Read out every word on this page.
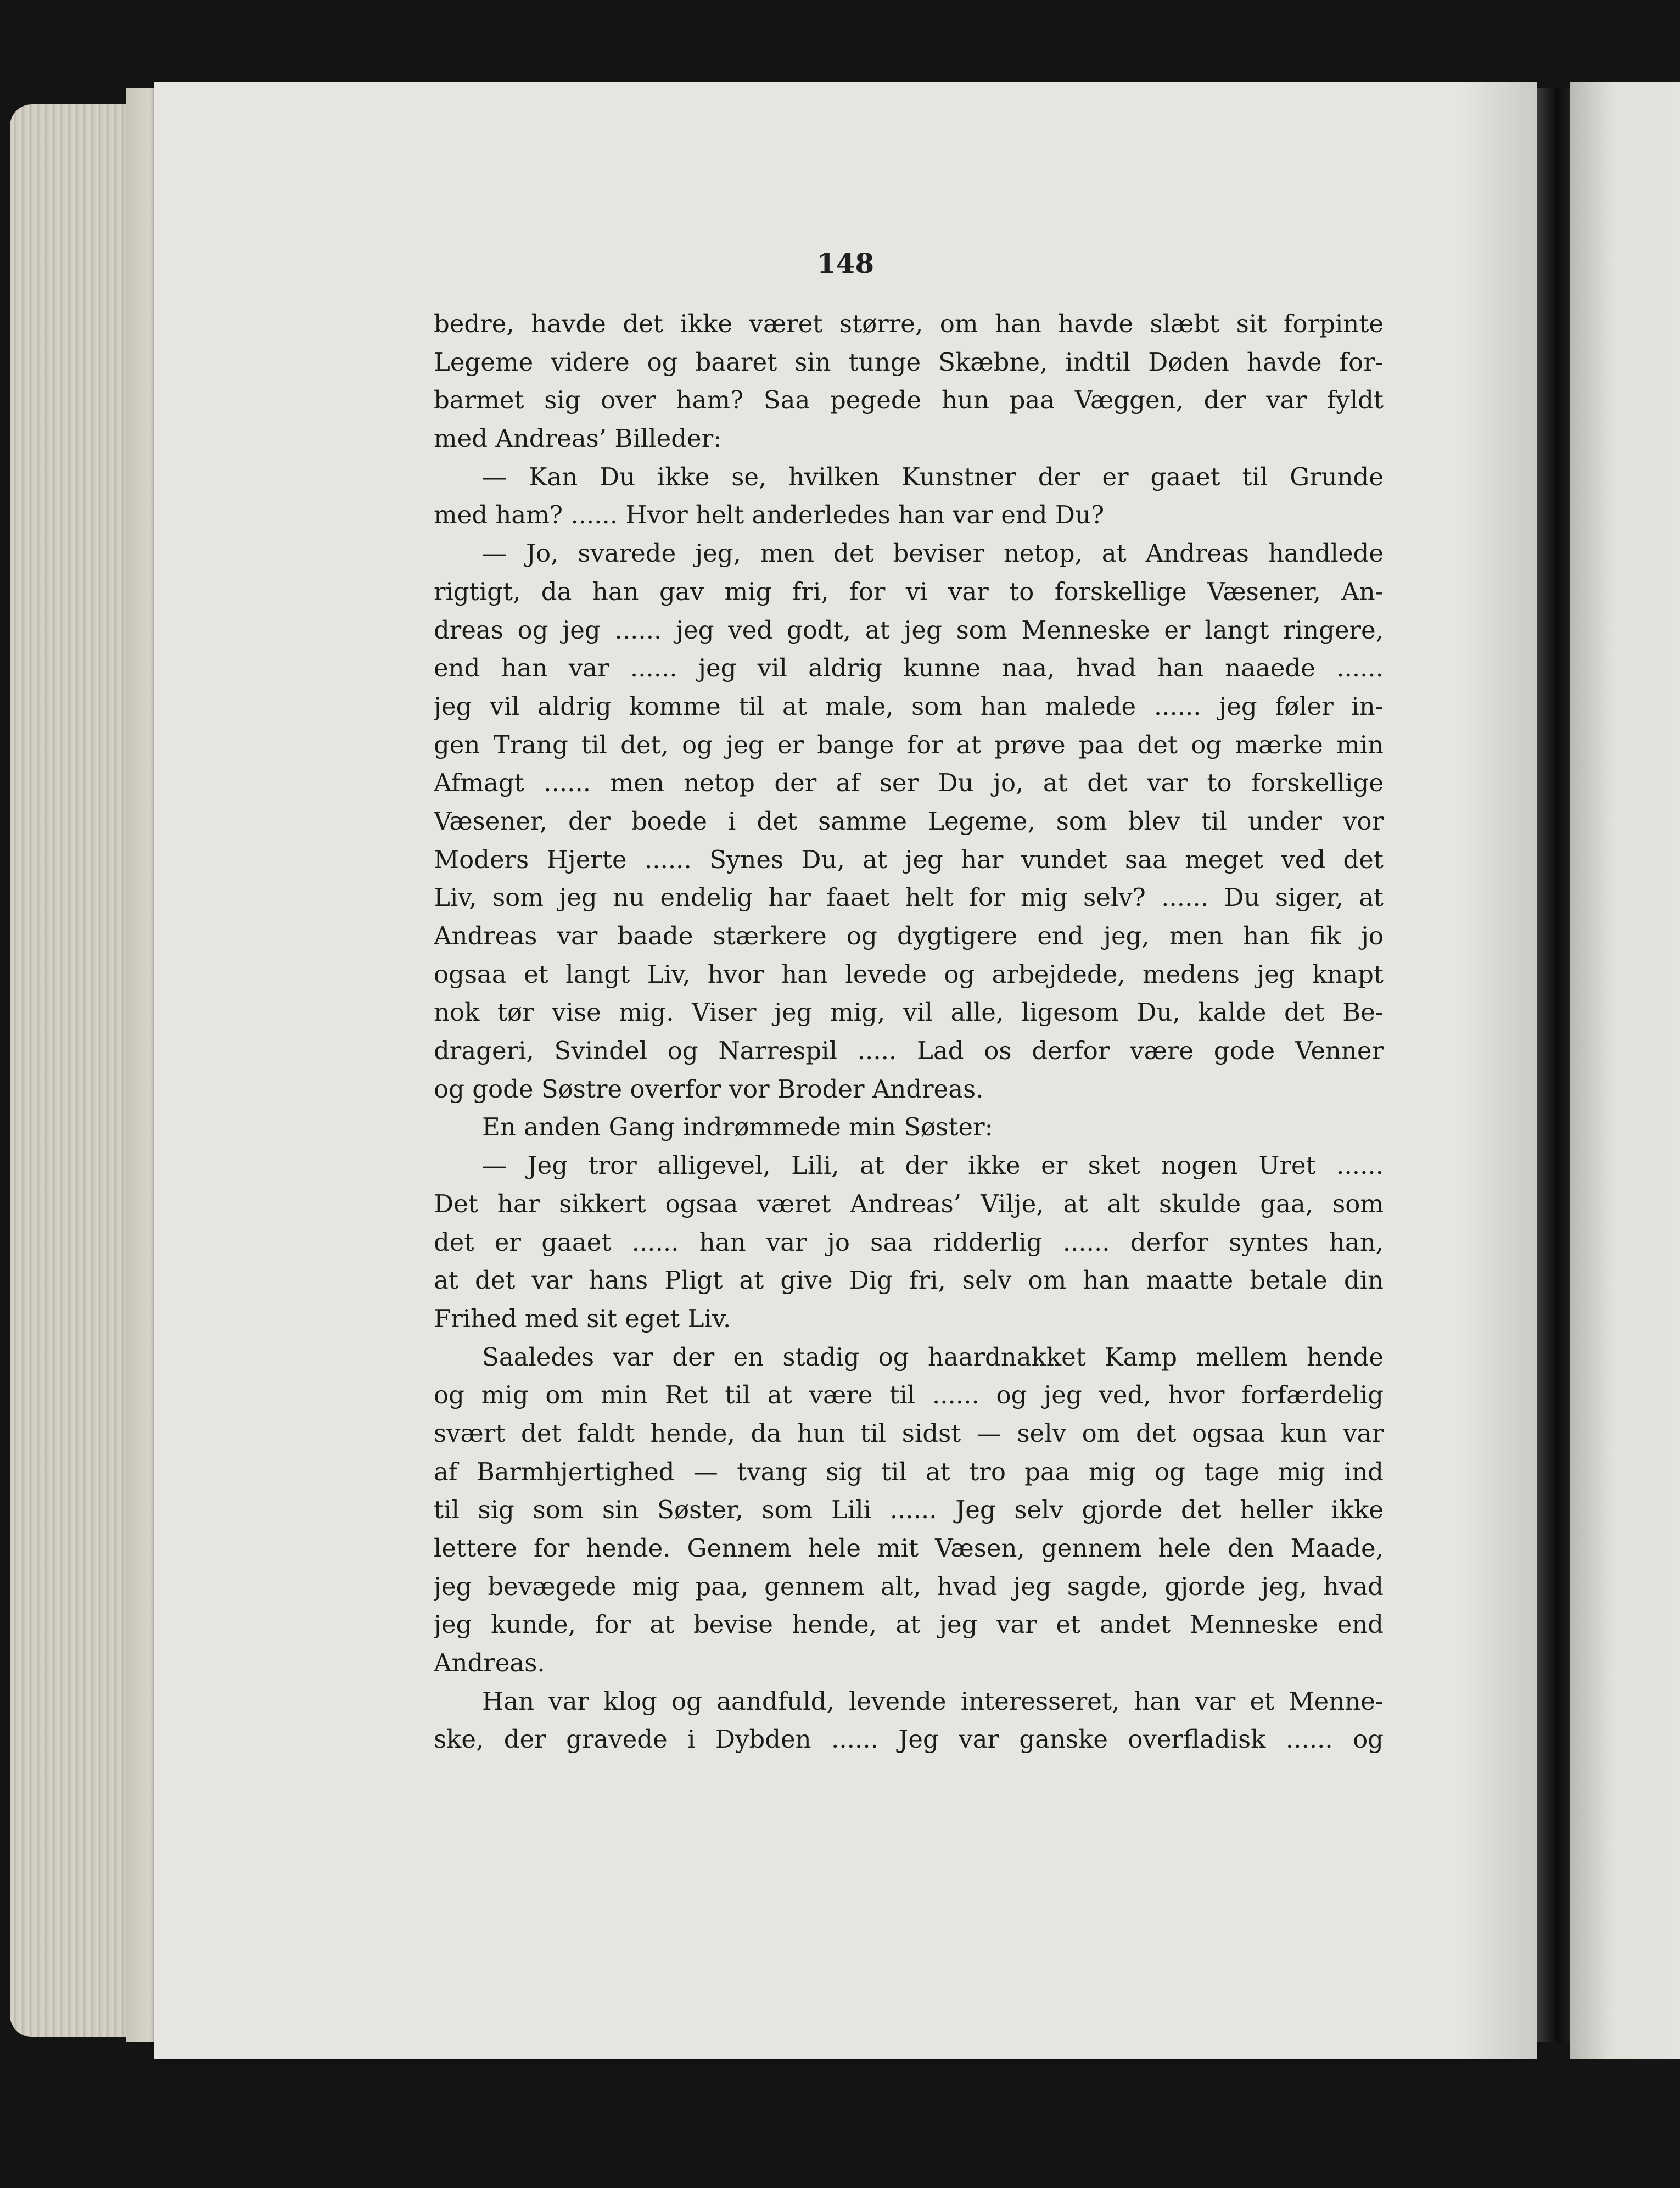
148
bedre, havde det ikke været større, om han havde slæbt sit forpinte
Legeme videre og baaret sin tunge Skæbne, indtil Døden havde for-
barmet sig over ham? Saa pegede hun paa Væggen, der var fyldt
med Andreas’ Billeder:
— Kan Du ikke se, hvilken Kunstner der er gaaet til Grunde
med ham? ...... Hvor helt anderledes han var end Du?
— Jo, svarede jeg, men det beviser netop, at Andreas handlede
rigtigt, da han gav mig fri, for vi var to forskellige Væsener, An-
dreas og jeg ...... jeg ved godt, at jeg som Menneske er langt ringere,
end han var ...... jeg vil aldrig kunne naa, hvad han naaede ......
jeg vil aldrig komme til at male, som han malede ...... jeg føler in-
gen Trang til det, og jeg er bange for at prøve paa det og mærke min
Afmagt ...... men netop der af ser Du jo, at det var to forskellige
Væsener, der boede i det samme Legeme, som blev til under vor
Moders Hjerte ...... Synes Du, at jeg har vundet saa meget ved det
Liv, som jeg nu endelig har faaet helt for mig selv? ...... Du siger, at
Andreas var baade stærkere og dygtigere end jeg, men han fik jo
ogsaa et langt Liv, hvor han levede og arbejdede, medens jeg knapt
nok tør vise mig. Viser jeg mig, vil alle, ligesom Du, kalde det Be-
drageri, Svindel og Narrespil ..... Lad os derfor være gode Venner
og gode Søstre overfor vor Broder Andreas.
En anden Gang indrømmede min Søster:
— Jeg tror alligevel, Lili, at der ikke er sket nogen Uret ......
Det har sikkert ogsaa været Andreas’ Vilje, at alt skulde gaa, som
det er gaaet ...... han var jo saa ridderlig ...... derfor syntes han,
at det var hans Pligt at give Dig fri, selv om han maatte betale din
Frihed med sit eget Liv.
Saaledes var der en stadig og haardnakket Kamp mellem hende
og mig om min Ret til at være til ...... og jeg ved, hvor forfærdelig
svært det faldt hende, da hun til sidst — selv om det ogsaa kun var
af Barmhjertighed — tvang sig til at tro paa mig og tage mig ind
til sig som sin Søster, som Lili ...... Jeg selv gjorde det heller ikke
lettere for hende. Gennem hele mit Væsen, gennem hele den Maade,
jeg bevægede mig paa, gennem alt, hvad jeg sagde, gjorde jeg, hvad
jeg kunde, for at bevise hende, at jeg var et andet Menneske end
Andreas.
Han var klog og aandfuld, levende interesseret, han var et Menne-
ske, der gravede i Dybden ...... Jeg var ganske overfladisk ...... og
